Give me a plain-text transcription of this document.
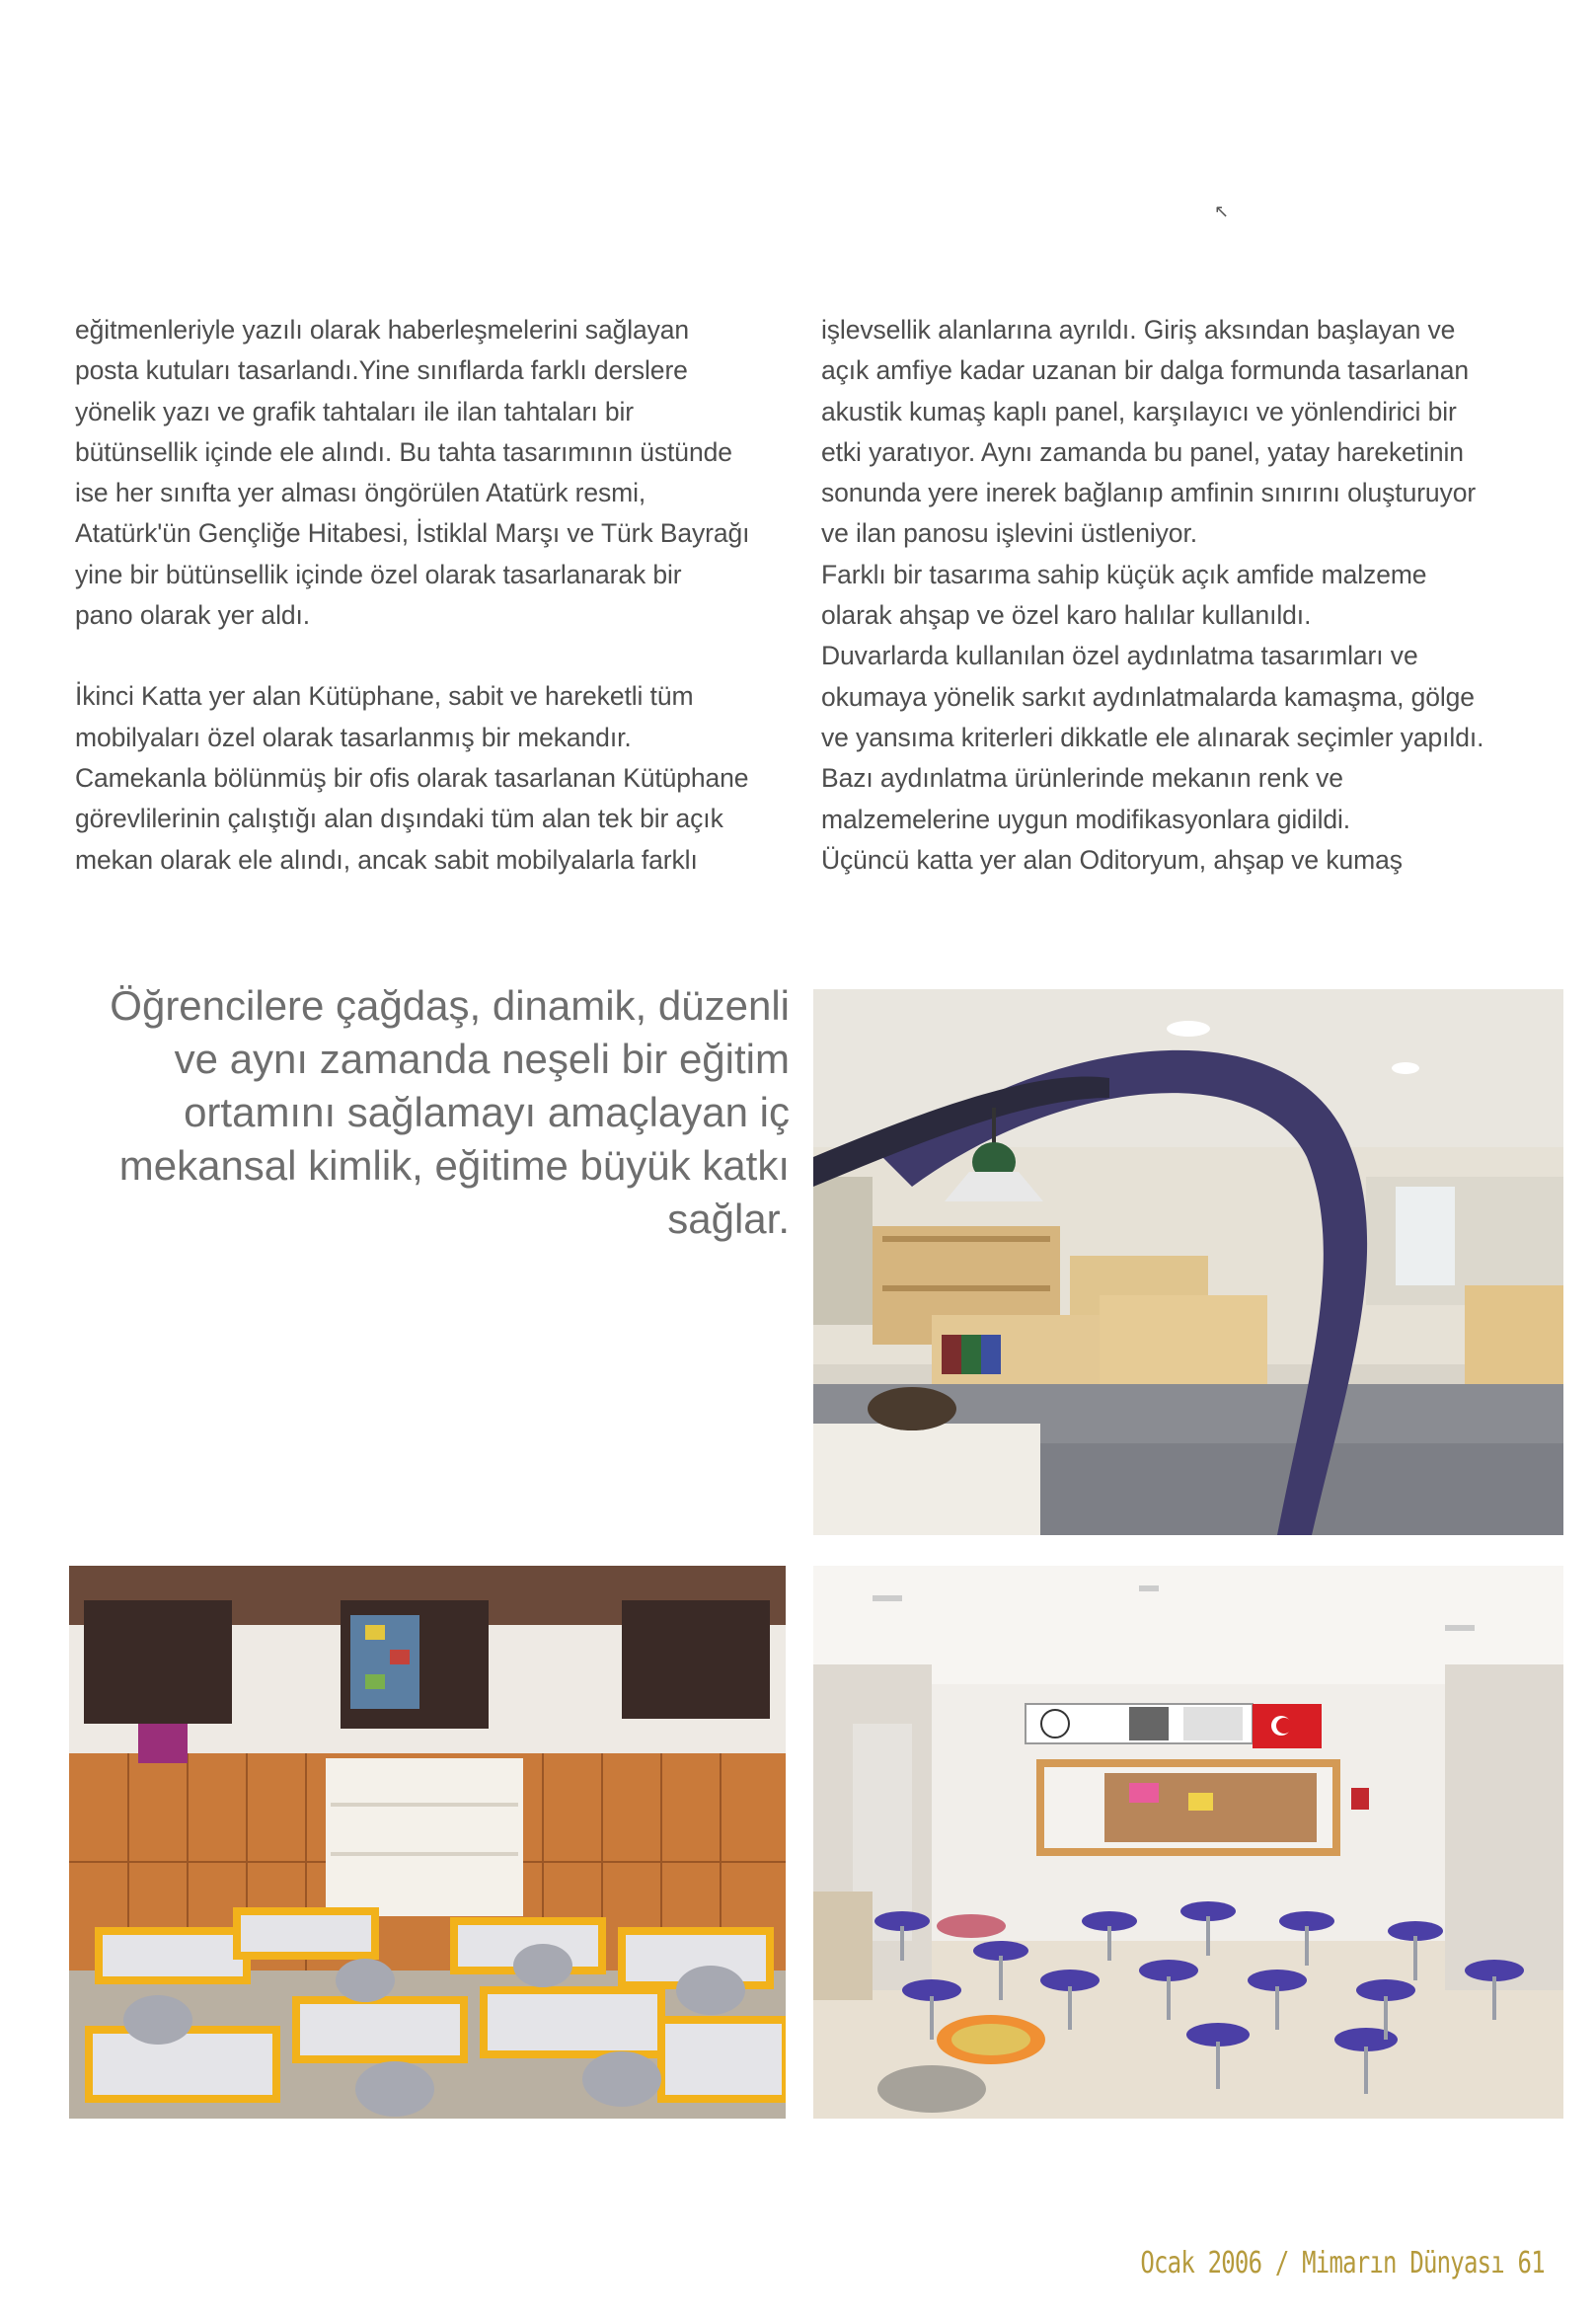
↖

eğitmenleriyle yazılı olarak haberleşmelerini sağlayan

posta kutuları tasarlandı.Yine sınıflarda farklı derslere

yönelik yazı ve grafik tahtaları ile ilan tahtaları bir

bütünsellik içinde ele alındı. Bu tahta tasarımının üstünde

ise her sınıfta yer alması öngörülen Atatürk resmi,

Atatürk'ün Gençliğe Hitabesi, İstiklal Marşı ve Türk Bayrağı

yine bir bütünsellik içinde özel olarak tasarlanarak bir

pano olarak yer aldı.

İkinci Katta yer alan Kütüphane, sabit ve hareketli tüm

mobilyaları özel olarak tasarlanmış bir mekandır.

Camekanla bölünmüş bir ofis olarak tasarlanan Kütüphane

görevlilerinin çalıştığı alan dışındaki tüm alan tek bir açık

mekan olarak ele alındı, ancak sabit mobilyalarla farklı

işlevsellik alanlarına ayrıldı. Giriş aksından başlayan ve

açık amfiye kadar uzanan bir dalga formunda tasarlanan

akustik kumaş kaplı panel, karşılayıcı ve yönlendirici bir

etki yaratıyor. Aynı zamanda bu panel, yatay hareketinin

sonunda yere inerek bağlanıp amfinin sınırını oluşturuyor

ve ilan panosu işlevini üstleniyor.

Farklı bir tasarıma sahip küçük açık amfide malzeme

olarak ahşap ve özel karo halılar kullanıldı.

Duvarlarda kullanılan özel aydınlatma tasarımları ve

okumaya yönelik sarkıt aydınlatmalarda kamaşma, gölge

ve yansıma kriterleri dikkatle ele alınarak seçimler yapıldı.

Bazı aydınlatma ürünlerinde mekanın renk ve

malzemelerine uygun modifikasyonlara gidildi.

Üçüncü katta yer alan Oditoryum, ahşap ve kumaş

Öğrencilere çağdaş, dinamik, düzenli
ve aynı zamanda neşeli bir eğitim
ortamını sağlamayı amaçlayan iç
mekansal kimlik, eğitime büyük katkı
sağlar.
Ocak 2006 / Mimarın Dünyası 61
